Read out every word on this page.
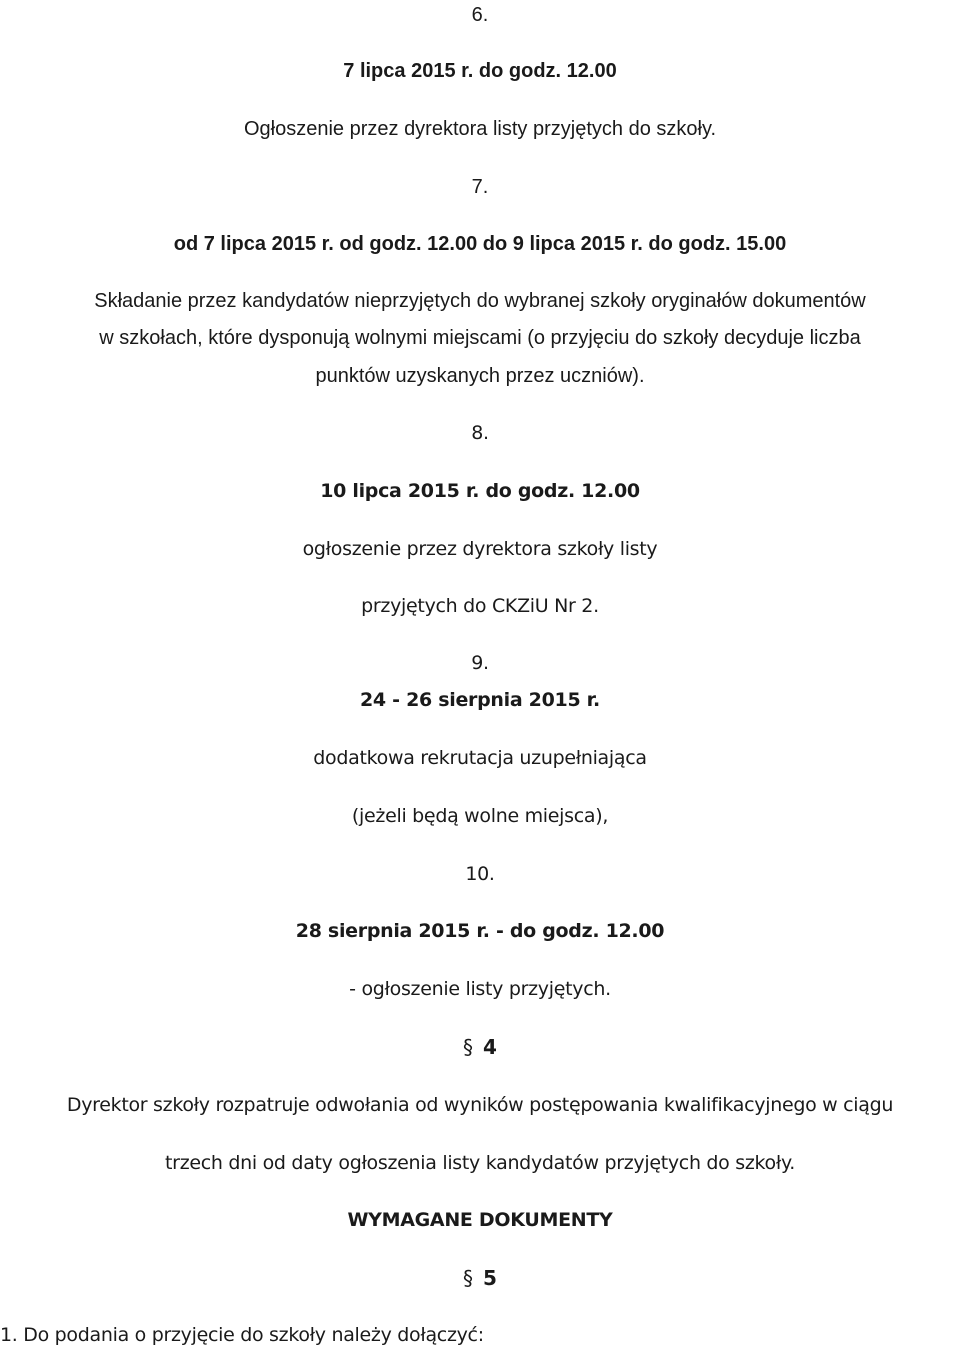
6.
7 lipca 2015 r. do godz. 12.00
Ogłoszenie przez dyrektora listy przyjętych do szkoły.
7.
od 7 lipca 2015 r. od godz. 12.00 do 9 lipca 2015 r. do godz. 15.00
Składanie przez kandydatów nieprzyjętych do wybranej szkoły oryginałów dokumentów
w szkołach, które dysponują wolnymi miejscami (o przyjęciu do szkoły decyduje liczba
punktów uzyskanych przez uczniów).
8.
10 lipca 2015 r. do godz. 12.00
ogłoszenie przez dyrektora szkoły listy
przyjętych do CKZiU Nr 2.
9.
24 - 26 sierpnia 2015 r.
dodatkowa rekrutacja uzupełniająca
(jeżeli będą wolne miejsca),
10.
28 sierpnia 2015 r. - do godz. 12.00
- ogłoszenie listy przyjętych.
§ 4
Dyrektor szkoły rozpatruje odwołania od wyników postępowania kwalifikacyjnego w ciągu
trzech dni od daty ogłoszenia listy kandydatów przyjętych do szkoły.
WYMAGANE DOKUMENTY
§ 5
1. Do podania o przyjęcie do szkoły należy dołączyć:
